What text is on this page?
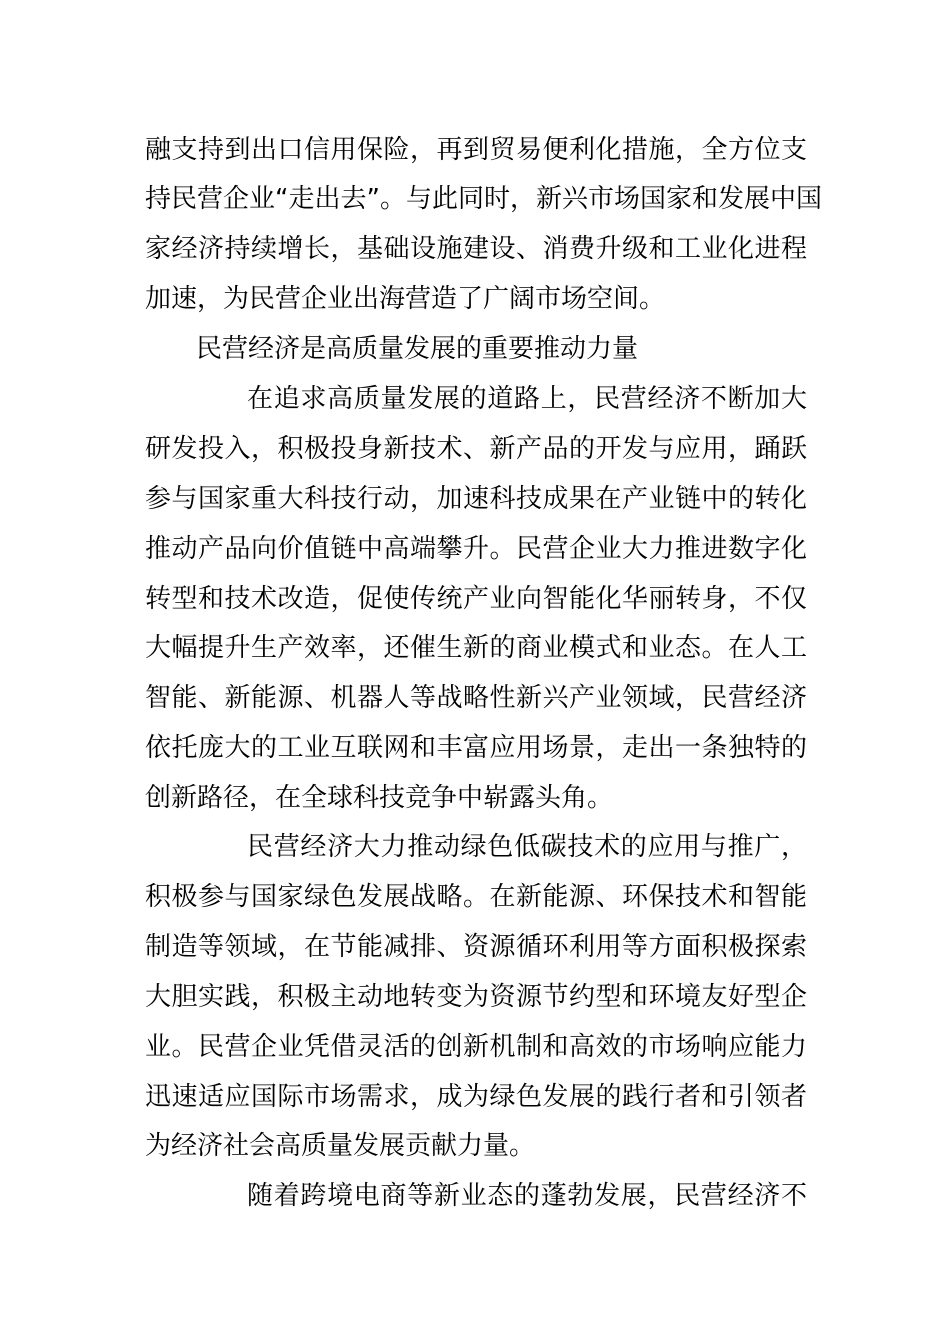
融支持到出口信用保险，再到贸易便利化措施，全方位支
持民营企业“走出去”。与此同时，新兴市场国家和发展中国
家经济持续增长，基础设施建设、消费升级和工业化进程
加速，为民营企业出海营造了广阔市场空间。
民营经济是高质量发展的重要推动力量
在追求高质量发展的道路上，民营经济不断加大
研发投入，积极投身新技术、新产品的开发与应用，踊跃
参与国家重大科技行动，加速科技成果在产业链中的转化
推动产品向价值链中高端攀升。民营企业大力推进数字化
转型和技术改造，促使传统产业向智能化华丽转身，不仅
大幅提升生产效率，还催生新的商业模式和业态。在人工
智能、新能源、机器人等战略性新兴产业领域，民营经济
依托庞大的工业互联网和丰富应用场景，走出一条独特的
创新路径，在全球科技竞争中崭露头角。
民营经济大力推动绿色低碳技术的应用与推广，
积极参与国家绿色发展战略。在新能源、环保技术和智能
制造等领域，在节能减排、资源循环利用等方面积极探索
大胆实践，积极主动地转变为资源节约型和环境友好型企
业。民营企业凭借灵活的创新机制和高效的市场响应能力
迅速适应国际市场需求，成为绿色发展的践行者和引领者
为经济社会高质量发展贡献力量。
随着跨境电商等新业态的蓬勃发展，民营经济不
